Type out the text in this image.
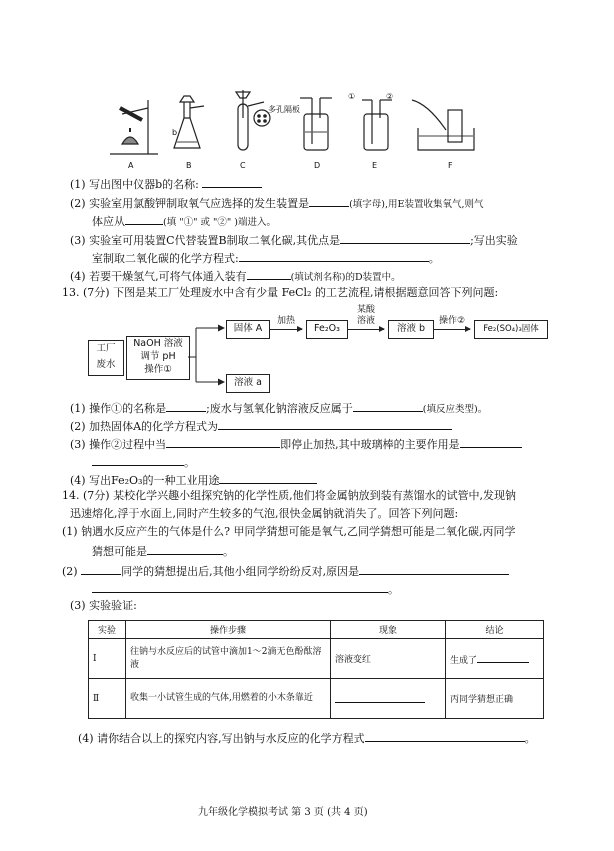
A	B	C	D	E	F
b
多孔隔板
①	②
(1) 写出图中仪器b的名称:
(2) 实验室用氯酸钾制取氧气应选择的发生装置是	(填字母),用E装置收集氧气,则气
体应从	(填 "①" 或 "②" )端进入。
(3) 实验室可用装置C代替装置B制取二氧化碳,其优点是	;写出实验
室制取二氧化碳的化学方程式:	。
(4) 若要干燥氢气,可将气体通入装有	(填试剂名称)的D装置中。
13. (7分) 下图是某工厂处理废水中含有少量 FeCl₂ 的工艺流程,请根据题意回答下列问题:
工厂
废水
NaOH 溶液
调节 pH
操作①
固体 A
加热
Fe₂O₃
某酸
溶液
溶液 b
操作②
Fe₂(SO₄)₃固体
溶液 a
(1) 操作①的名称是	;废水与氢氧化钠溶液反应属于	(填反应类型)。
(2) 加热固体A的化学方程式为
(3) 操作②过程中当	即停止加热,其中玻璃棒的主要作用是
。
(4) 写出Fe₂O₃的一种工业用途
14. (7分) 某校化学兴趣小组探究钠的化学性质,他们将金属钠放到装有蒸馏水的试管中,发现钠
迅速熔化,浮于水面上,同时产生较多的气泡,很快金属钠就消失了。回答下列问题:
(1) 钠遇水反应产生的气体是什么? 甲同学猜想可能是氧气,乙同学猜想可能是二氧化碳,丙同学
猜想可能是	。
(2)	同学的猜想提出后,其他小组同学纷纷反对,原因是
。
(3) 实验验证:
实验	操作步骤	现象	结论
Ⅰ	往钠与水反应后的试管中滴加1～2滴无色酚酞溶液	溶液变红	生成了
Ⅱ	收集一小试管生成的气体,用燃着的小木条靠近		丙同学猜想正确
(4) 请你结合以上的探究内容,写出钠与水反应的化学方程式	。
九年级化学模拟考试 第 3 页 (共 4 页)
